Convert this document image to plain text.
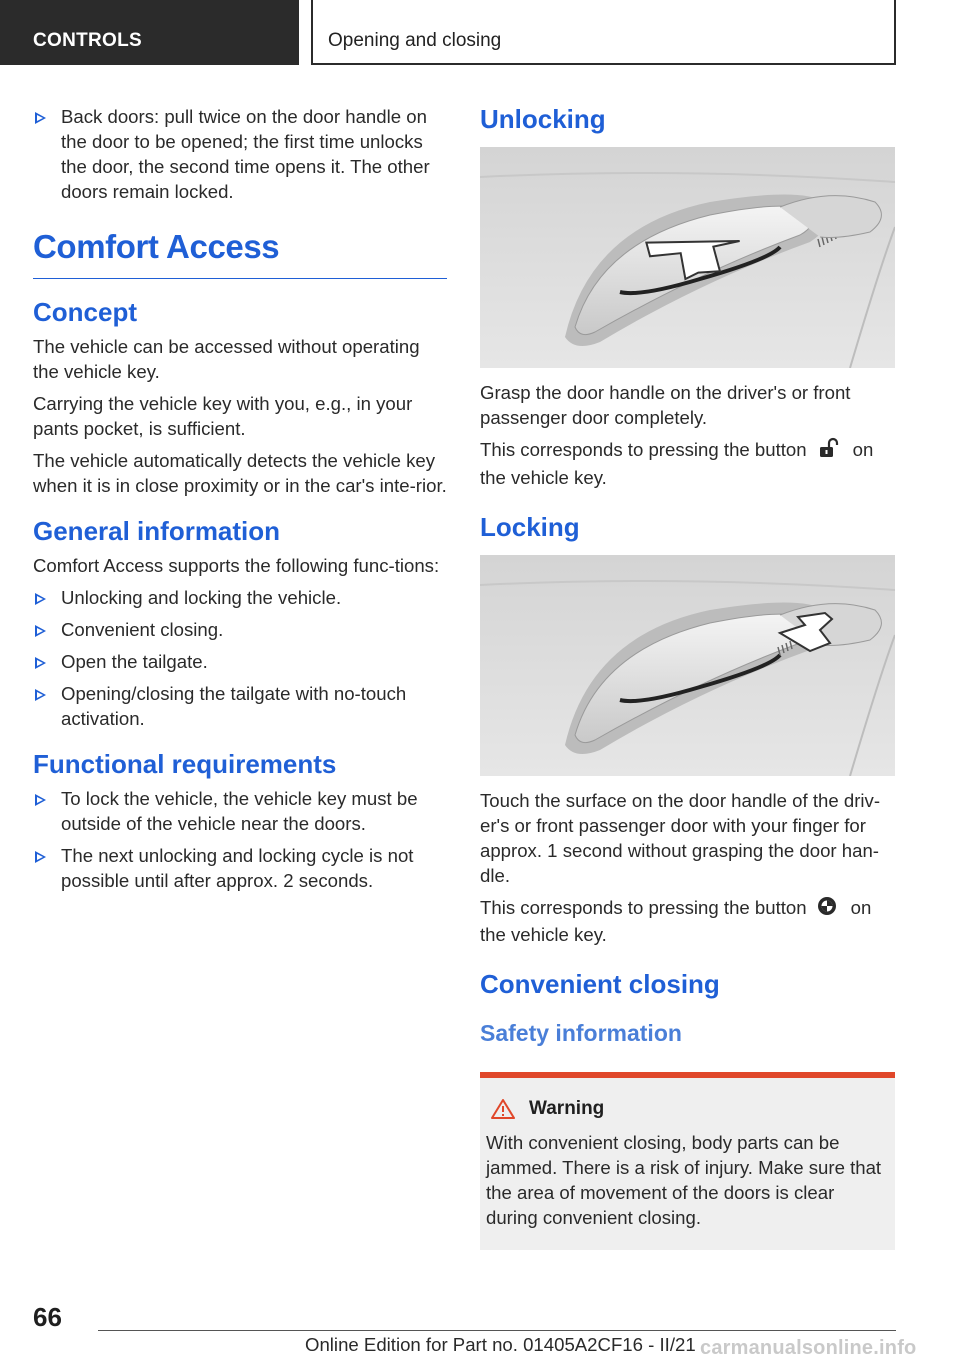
CONTROLS	Opening and closing
Back doors: pull twice on the door handle on the door to be opened; the first time unlocks the door, the second time opens it. The other doors remain locked.
Comfort Access
Concept

The vehicle can be accessed without operating the vehicle key.

Carrying the vehicle key with you, e.g., in your pants pocket, is sufficient.

The vehicle automatically detects the vehicle key when it is in close proximity or in the car's inte-rior.

General information

Comfort Access supports the following func-tions:

Unlocking and locking the vehicle.
Convenient closing.
Open the tailgate.
Opening/closing the tailgate with no-touch activation.
Functional requirements
To lock the vehicle, the vehicle key must be outside of the vehicle near the doors.
The next unlocking and locking cycle is not possible until after approx. 2 seconds.
Unlocking

Grasp the door handle on the driver's or front passenger door completely.

This corresponds to pressing the button on
the vehicle key.

Locking

Touch the surface on the door handle of the driv-er's or front passenger door with your finger for approx. 1 second without grasping the door han-dle.

This corresponds to pressing the button on
the vehicle key.

Convenient closing
Safety information
Warning

With convenient closing, body parts can be jammed. There is a risk of injury. Make sure that the area of movement of the doors is clear during convenient closing.

66
Online Edition for Part no. 01405A2CF16 - II/21 carmanualsonline.info
